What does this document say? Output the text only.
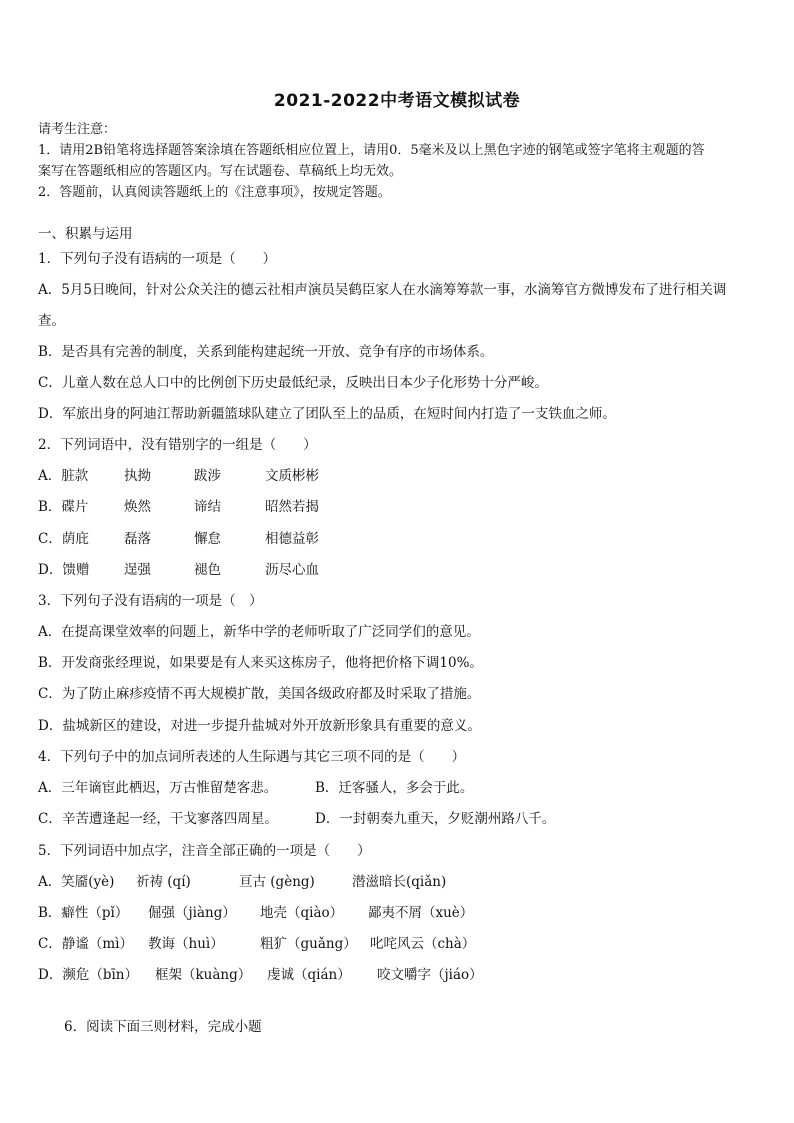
2021-2022中考语文模拟试卷
请考生注意：
1．请用2B铅笔将选择题答案涂填在答题纸相应位置上，请用0．5毫米及以上黑色字迹的钢笔或签字笔将主观题的答
案写在答题纸相应的答题区内。写在试题卷、草稿纸上均无效。
2．答题前，认真阅读答题纸上的《注意事项》，按规定答题。
一、积累与运用
1．下列句子没有语病的一项是（　　）
A．5月5日晚间，针对公众关注的德云社相声演员吴鹤臣家人在水滴筹筹款一事，水滴筹官方微博发布了进行相关调
查。
B．是否具有完善的制度，关系到能构建起统一开放、竞争有序的市场体系。
C．儿童人数在总人口中的比例创下历史最低纪录，反映出日本少子化形势十分严峻。
D．军旅出身的阿迪江帮助新疆篮球队建立了团队至上的品质，在短时间内打造了一支铁血之师。
2．下列词语中，没有错别字的一组是（　　）
A．脏款	执拗	跋涉	文质彬彬
B．碟片	焕然	谛结	昭然若揭
C．荫庇	磊落	懈怠	相德益彰
D．馈赠	逞强	褪色	沥尽心血
3．下列句子没有语病的一项是（　）
A．在提高课堂效率的问题上，新华中学的老师听取了广泛同学们的意见。
B．开发商张经理说，如果要是有人来买这栋房子，他将把价格下调10%。
C．为了防止麻疹疫情不再大规模扩散，美国各级政府都及时采取了措施。
D．盐城新区的建设，对进一步提升盐城对外开放新形象具有重要的意义。
4．下列句子中的加点词所表述的人生际遇与其它三项不同的是（　　）
A．三年谪宦此栖迟，万古惟留楚客悲。	B．迁客骚人，多会于此。
C．辛苦遭逢起一经，干戈寥落四周星。	D．一封朝奏九重天，夕贬潮州路八千。
5．下列词语中加点字，注音全部正确的一项是（　　）
A．笑靥(yè)	祈祷 (qí)	亘古 (gèng)	潜滋暗长(qiǎn)
B．癖性（pǐ）	倔强（jiàng）	地壳（qiào）	鄙夷不屑（xuè）
C．静谧（mì）	教诲（huì）	粗犷（guǎng） 叱咤风云（chà）
D．濒危（bīn）	框架（kuàng）	虔诚（qián）	咬文嚼字（jiáo）
6．阅读下面三则材料，完成小题
